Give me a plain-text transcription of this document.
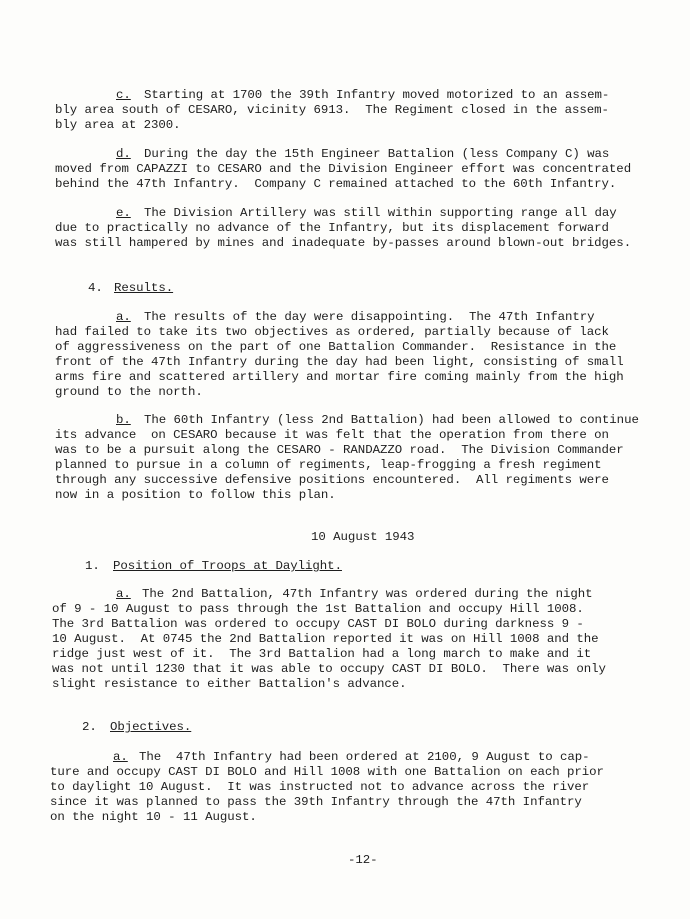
c. Starting at 1700 the 39th Infantry moved motorized to an assem-
bly area south of CESARO, vicinity 6913.  The Regiment closed in the assem-
bly area at 2300.
d. During the day the 15th Engineer Battalion (less Company C) was
moved from CAPAZZI to CESARO and the Division Engineer effort was concentrated
behind the 47th Infantry.  Company C remained attached to the 60th Infantry.
e. The Division Artillery was still within supporting range all day
due to practically no advance of the Infantry, but its displacement forward
was still hampered by mines and inadequate by-passes around blown-out bridges.
4. Results.
a. The results of the day were disappointing.  The 47th Infantry
had failed to take its two objectives as ordered, partially because of lack
of aggressiveness on the part of one Battalion Commander.  Resistance in the
front of the 47th Infantry during the day had been light, consisting of small
arms fire and scattered artillery and mortar fire coming mainly from the high
ground to the north.
b. The 60th Infantry (less 2nd Battalion) had been allowed to continue
its advance  on CESARO because it was felt that the operation from there on
was to be a pursuit along the CESARO - RANDAZZO road.  The Division Commander
planned to pursue in a column of regiments, leap-frogging a fresh regiment
through any successive defensive positions encountered.  All regiments were
now in a position to follow this plan.
10 August 1943
1. Position of Troops at Daylight.
a. The 2nd Battalion, 47th Infantry was ordered during the night
of 9 - 10 August to pass through the 1st Battalion and occupy Hill 1008.
The 3rd Battalion was ordered to occupy CAST DI BOLO during darkness 9 -
10 August.  At 0745 the 2nd Battalion reported it was on Hill 1008 and the
ridge just west of it.  The 3rd Battalion had a long march to make and it
was not until 1230 that it was able to occupy CAST DI BOLO.  There was only
slight resistance to either Battalion's advance.
2. Objectives.
a. The  47th Infantry had been ordered at 2100, 9 August to cap-
ture and occupy CAST DI BOLO and Hill 1008 with one Battalion on each prior
to daylight 10 August.  It was instructed not to advance across the river
since it was planned to pass the 39th Infantry through the 47th Infantry
on the night 10 - 11 August.
-12-
